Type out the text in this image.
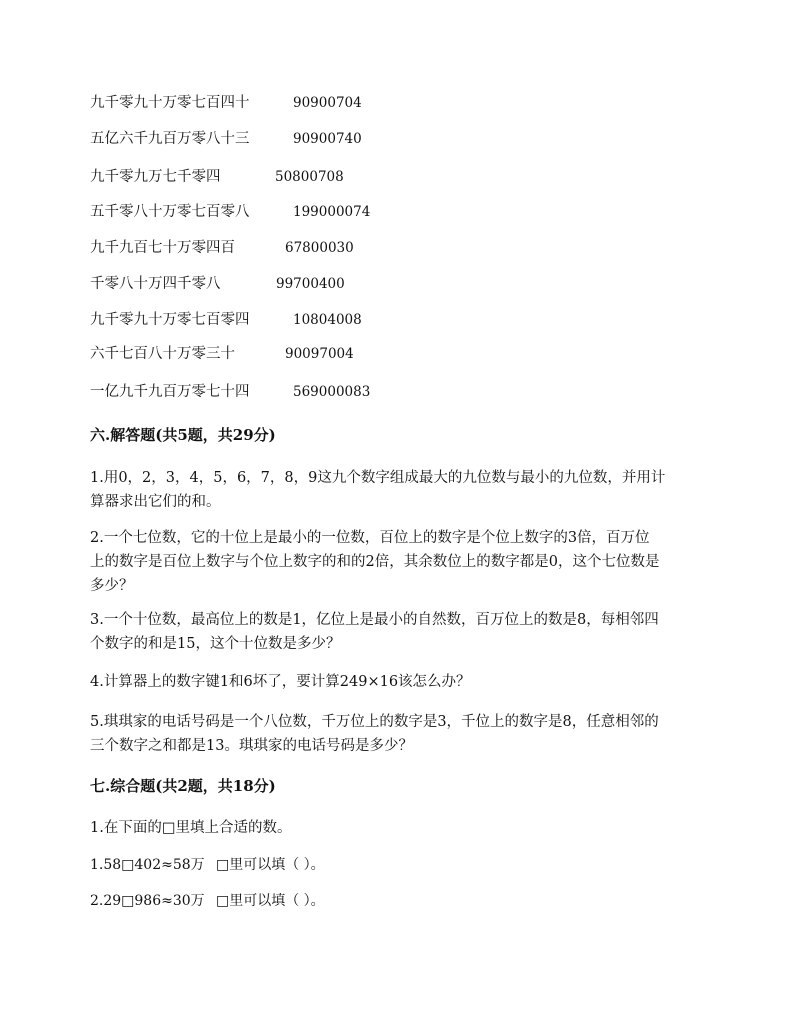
九千零九十万零七百四十	90900704
五亿六千九百万零八十三	90900740
九千零九万七千零四	50800708
五千零八十万零七百零八	199000074
九千九百七十万零四百	67800030
千零八十万四千零八	99700400
九千零九十万零七百零四	10804008
六千七百八十万零三十	90097004
一亿九千九百万零七十四	569000083
六.解答题(共5题，共29分)
1.用0，2，3，4，5，6，7，8，9这九个数字组成最大的九位数与最小的九位数，并用计
算器求出它们的和。
2.一个七位数，它的十位上是最小的一位数，百位上的数字是个位上数字的3倍，百万位
上的数字是百位上数字与个位上数字的和的2倍，其余数位上的数字都是0，这个七位数是
多少？
3.一个十位数，最高位上的数是1，亿位上是最小的自然数，百万位上的数是8，每相邻四
个数字的和是15，这个十位数是多少？
4.计算器上的数字键1和6坏了，要计算249×16该怎么办？
5.琪琪家的电话号码是一个八位数，千万位上的数字是3，千位上的数字是8，任意相邻的
三个数字之和都是13。琪琪家的电话号码是多少？
七.综合题(共2题，共18分)
1.在下面的□里填上合适的数。
1.58□402≈58万 □里可以填（ ）。
2.29□986≈30万 □里可以填（ ）。
